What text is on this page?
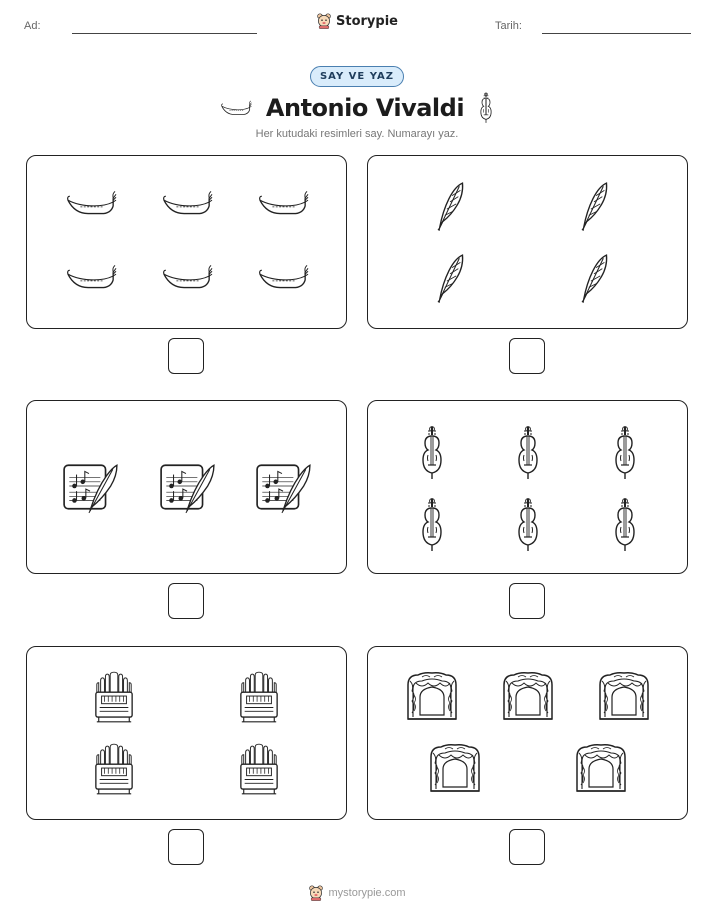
Ad:	Storypie	Tarih:
SAY VE YAZ
Antonio Vivaldi
Her kutudaki resimleri say. Numarayı yaz.
mystorypie.com
